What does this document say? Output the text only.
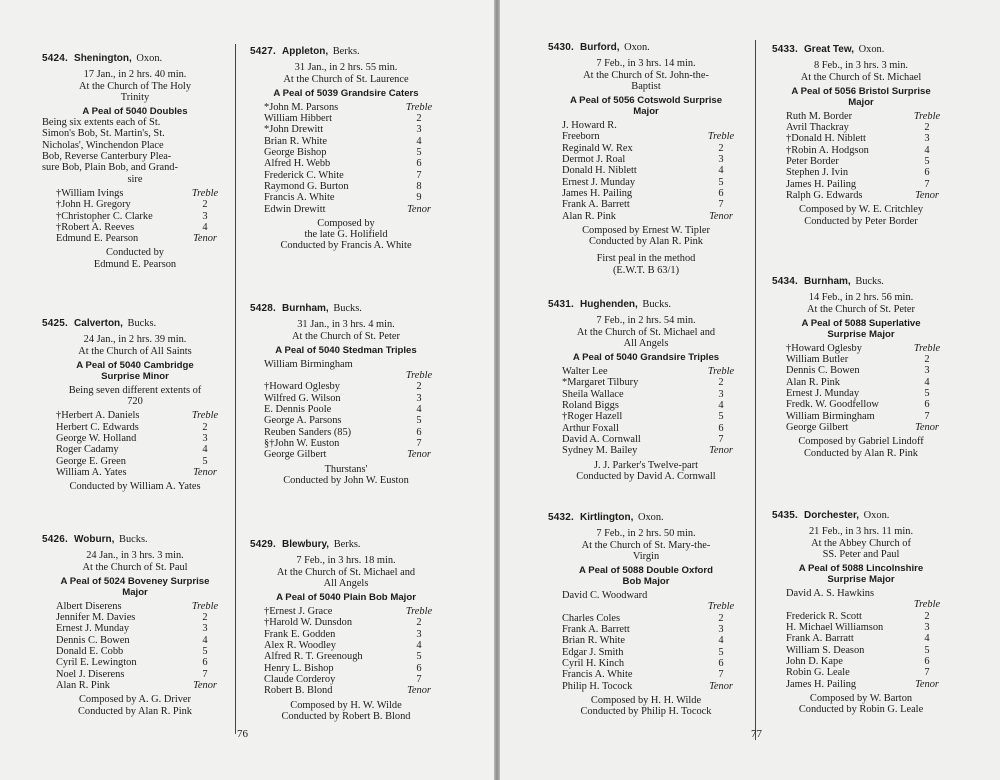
5424. Shenington, Oxon.
17 Jan., in 2 hrs. 40 min.
At the Church of The Holy
Trinity
A Peal of 5040 Doubles
Being six extents each of St.
Simon's Bob, St. Martin's, St.
Nicholas', Winchendon Place
Bob, Reverse Canterbury Plea-
sure Bob, Plain Bob, and Grand-
sire
†William Ivings	Treble
†John H. Gregory	2
†Christopher C. Clarke	3
†Robert A. Reeves	4
Edmund E. Pearson	Tenor
Conducted by
Edmund E. Pearson
5425. Calverton, Bucks.
24 Jan., in 2 hrs. 39 min.
At the Church of All Saints
A Peal of 5040 Cambridge
Surprise Minor
Being seven different extents of
720
†Herbert A. Daniels	Treble
Herbert C. Edwards	2
George W. Holland	3
Roger Cadamy	4
George E. Green	5
William A. Yates	Tenor
Conducted by William A. Yates
5426. Woburn, Bucks.
24 Jan., in 3 hrs. 3 min.
At the Church of St. Paul
A Peal of 5024 Boveney Surprise
Major
Albert Diserens	Treble
Jennifer M. Davies	2
Ernest J. Munday	3
Dennis C. Bowen	4
Donald E. Cobb	5
Cyril E. Lewington	6
Noel J. Diserens	7
Alan R. Pink	Tenor
Composed by A. G. Driver
Conducted by Alan R. Pink
5427. Appleton, Berks.
31 Jan., in 2 hrs. 55 min.
At the Church of St. Laurence
A Peal of 5039 Grandsire Caters
*John M. Parsons	Treble
William Hibbert	2
*John Drewitt	3
Brian R. White	4
George Bishop	5
Alfred H. Webb	6
Frederick C. White	7
Raymond G. Burton	8
Francis A. White	9
Edwin Drewitt	Tenor
Composed by
the late G. Holifield
Conducted by Francis A. White
5428. Burnham, Bucks.
31 Jan., in 3 hrs. 4 min.
At the Church of St. Peter
A Peal of 5040 Stedman Triples
William Birmingham
Treble
†Howard Oglesby	2
Wilfred G. Wilson	3
E. Dennis Poole	4
George A. Parsons	5
Reuben Sanders (85)	6
§†John W. Euston	7
George Gilbert	Tenor
Thurstans'
Conducted by John W. Euston
5429. Blewbury, Berks.
7 Feb., in 3 hrs. 18 min.
At the Church of St. Michael and
All Angels
A Peal of 5040 Plain Bob Major
†Ernest J. Grace	Treble
†Harold W. Dunsdon	2
Frank E. Godden	3
Alex R. Woodley	4
Alfred R. T. Greenough	5
Henry L. Bishop	6
Claude Corderoy	7
Robert B. Blond	Tenor
Composed by H. W. Wilde
Conducted by Robert B. Blond
76
5430. Burford, Oxon.
7 Feb., in 3 hrs. 14 min.
At the Church of St. John-the-
Baptist
A Peal of 5056 Cotswold Surprise
Major
J. Howard R.
Freeborn	Treble
Reginald W. Rex	2
Dermot J. Roal	3
Donald H. Niblett	4
Ernest J. Munday	5
James H. Pailing	6
Frank A. Barrett	7
Alan R. Pink	Tenor
Composed by Ernest W. Tipler
Conducted by Alan R. Pink
First peal in the method
(E.W.T. B 63/1)
5431. Hughenden, Bucks.
7 Feb., in 2 hrs. 54 min.
At the Church of St. Michael and
All Angels
A Peal of 5040 Grandsire Triples
Walter Lee	Treble
*Margaret Tilbury	2
Sheila Wallace	3
Roland Biggs	4
†Roger Hazell	5
Arthur Foxall	6
David A. Cornwall	7
Sydney M. Bailey	Tenor
J. J. Parker's Twelve-part
Conducted by David A. Cornwall
5432. Kirtlington, Oxon.
7 Feb., in 2 hrs. 50 min.
At the Church of St. Mary-the-
Virgin
A Peal of 5088 Double Oxford
Bob Major
David C. Woodward
Treble
Charles Coles	2
Frank A. Barrett	3
Brian R. White	4
Edgar J. Smith	5
Cyril H. Kinch	6
Francis A. White	7
Philip H. Tocock	Tenor
Composed by H. H. Wilde
Conducted by Philip H. Tocock
5433. Great Tew, Oxon.
8 Feb., in 3 hrs. 3 min.
At the Church of St. Michael
A Peal of 5056 Bristol Surprise
Major
Ruth M. Border	Treble
Avril Thackray	2
†Donald H. Niblett	3
†Robin A. Hodgson	4
Peter Border	5
Stephen J. Ivin	6
James H. Pailing	7
Ralph G. Edwards	Tenor
Composed by W. E. Critchley
Conducted by Peter Border
5434. Burnham, Bucks.
14 Feb., in 2 hrs. 56 min.
At the Church of St. Peter
A Peal of 5088 Superlative
Surprise Major
†Howard Oglesby	Treble
William Butler	2
Dennis C. Bowen	3
Alan R. Pink	4
Ernest J. Munday	5
Fredk. W. Goodfellow	6
William Birmingham	7
George Gilbert	Tenor
Composed by Gabriel Lindoff
Conducted by Alan R. Pink
5435. Dorchester, Oxon.
21 Feb., in 3 hrs. 11 min.
At the Abbey Church of
SS. Peter and Paul
A Peal of 5088 Lincolnshire
Surprise Major
David A. S. Hawkins
Treble
Frederick R. Scott	2
H. Michael Williamson	3
Frank A. Barratt	4
William S. Deason	5
John D. Kape	6
Robin G. Leale	7
James H. Pailing	Tenor
Composed by W. Barton
Conducted by Robin G. Leale
77
